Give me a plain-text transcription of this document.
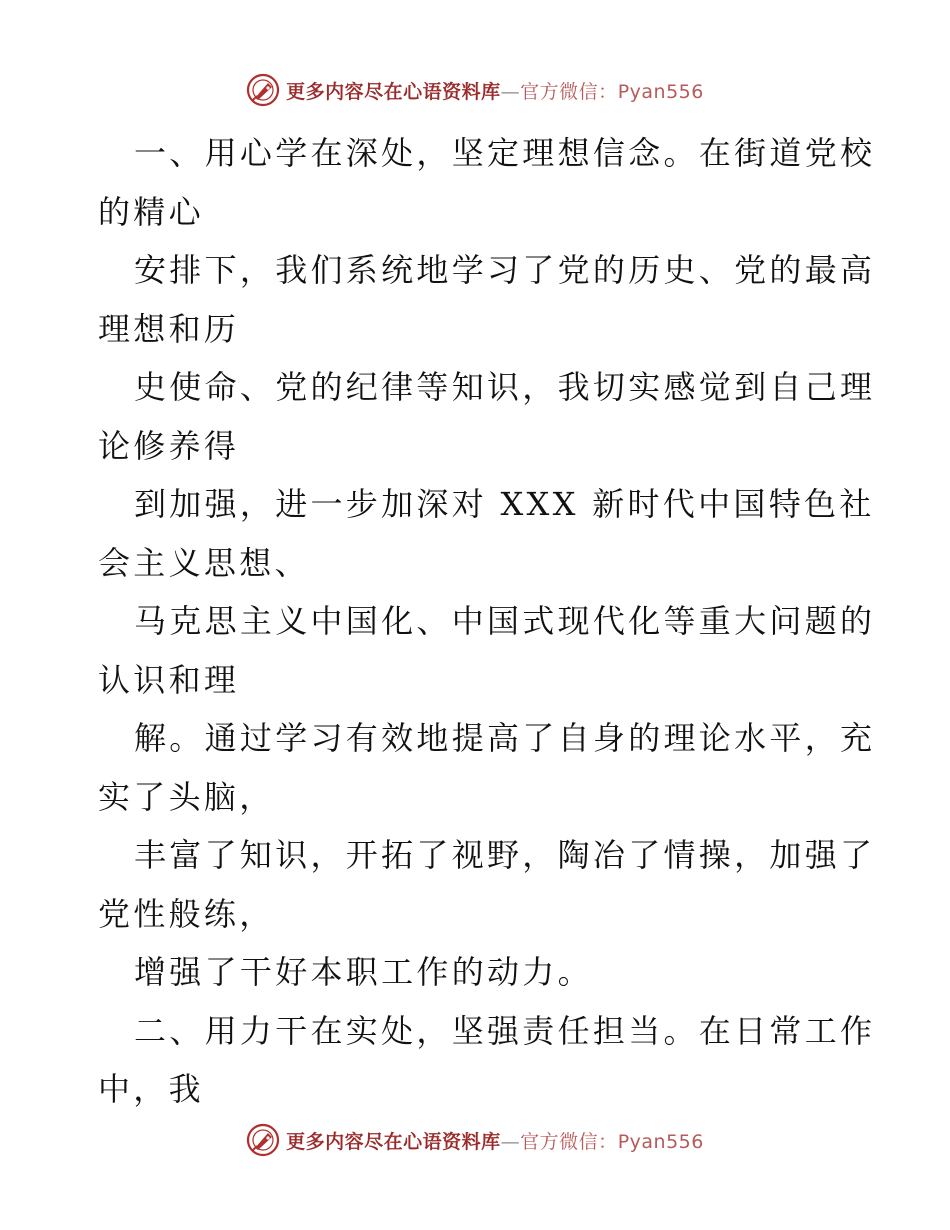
更多内容尽在心语资料库—官方微信：Pyan556
一、用心学在深处，坚定理想信念。在街道党校
的精心
安排下，我们系统地学习了党的历史、党的最高
理想和历
史使命、党的纪律等知识，我切实感觉到自己理
论修养得
到加强，进一步加深对 XXX 新时代中国特色社
会主义思想、
马克思主义中国化、中国式现代化等重大问题的
认识和理
解。通过学习有效地提高了自身的理论水平，充
实了头脑，
丰富了知识，开拓了视野，陶冶了情操，加强了
党性般练，
增强了干好本职工作的动力。
二、用力干在实处，坚强责任担当。在日常工作
中，我
更多内容尽在心语资料库—官方微信：Pyan556
